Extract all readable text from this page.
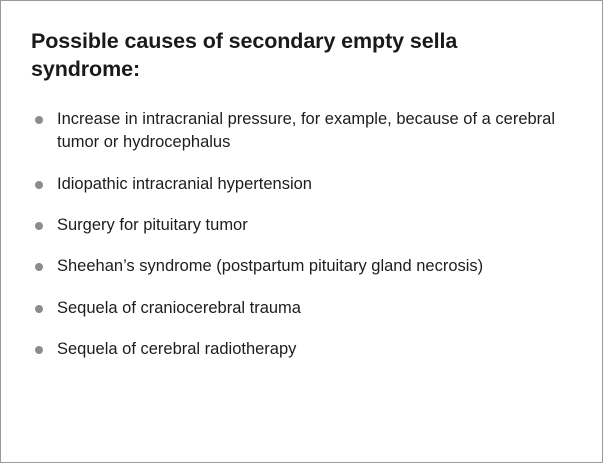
Possible causes of secondary empty sella syndrome:
Increase in intracranial pressure, for example, because of a cerebral tumor or hydrocephalus
Idiopathic intracranial hypertension
Surgery for pituitary tumor
Sheehan’s syndrome (postpartum pituitary gland necrosis)
Sequela of craniocerebral trauma
Sequela of cerebral radiotherapy
